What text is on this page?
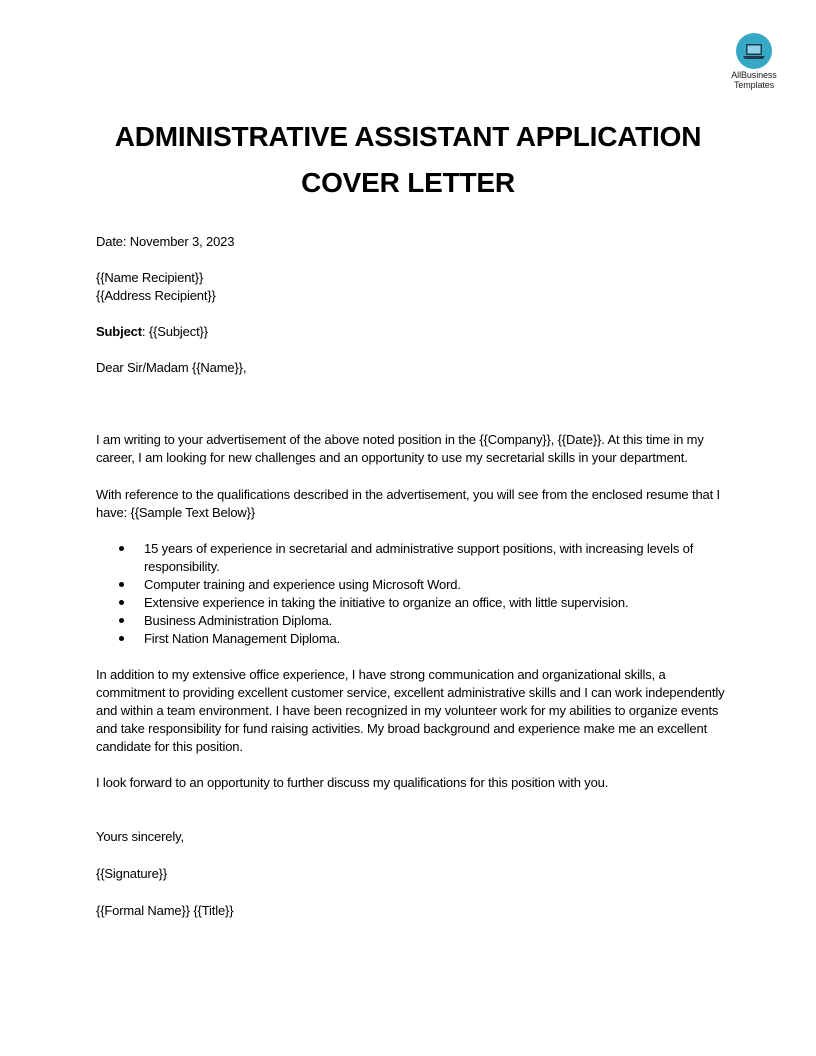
AllBusiness
Templates
ADMINISTRATIVE ASSISTANT APPLICATION
COVER LETTER

Date: November 3, 2023

{{Name Recipient}}

{{Address Recipient}}

Subject: {{Subject}}

Dear Sir/Madam {{Name}},

I am writing to your advertisement of the above noted position in the {{Company}}, {{Date}}. At this time in my career, I am looking for new challenges and an opportunity to use my secretarial skills in your department.

With reference to the qualifications described in the advertisement, you will see from the enclosed resume that I have: {{Sample Text Below}}

15 years of experience in secretarial and administrative support positions, with increasing levels of responsibility.
Computer training and experience using Microsoft Word.
Extensive experience in taking the initiative to organize an office, with little supervision.
Business Administration Diploma.
First Nation Management Diploma.

In addition to my extensive office experience, I have strong communication and organizational skills, a commitment to providing excellent customer service, excellent administrative skills and I can work independently and within a team environment. I have been recognized in my volunteer work for my abilities to organize events and take responsibility for fund raising activities. My broad background and experience make me an excellent candidate for this position.

I look forward to an opportunity to further discuss my qualifications for this position with you.

Yours sincerely,

{{Signature}}

{{Formal Name}} {{Title}}
